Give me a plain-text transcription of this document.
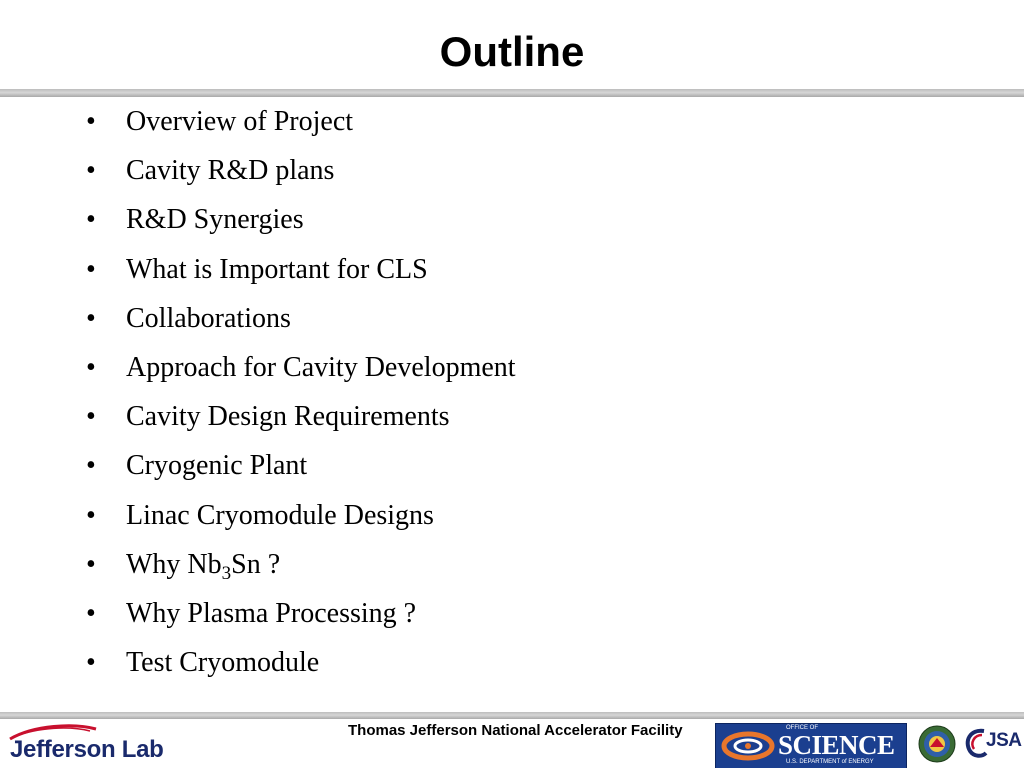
Outline
•	Overview of Project
•	Cavity R&D plans
•	R&D Synergies
•	What is Important for CLS
•	Collaborations
•	Approach for Cavity Development
•	Cavity Design Requirements
•	Cryogenic Plant
•	Linac Cryomodule Designs
•	Why $Nb_3Sn$ ?
•	Why Plasma Processing ?
•	Test Cryomodule
Jefferson Lab
Thomas Jefferson National Accelerator Facility	OFFICE OF
SCIENCE
U.S. DEPARTMENT of ENERGY
JSA
